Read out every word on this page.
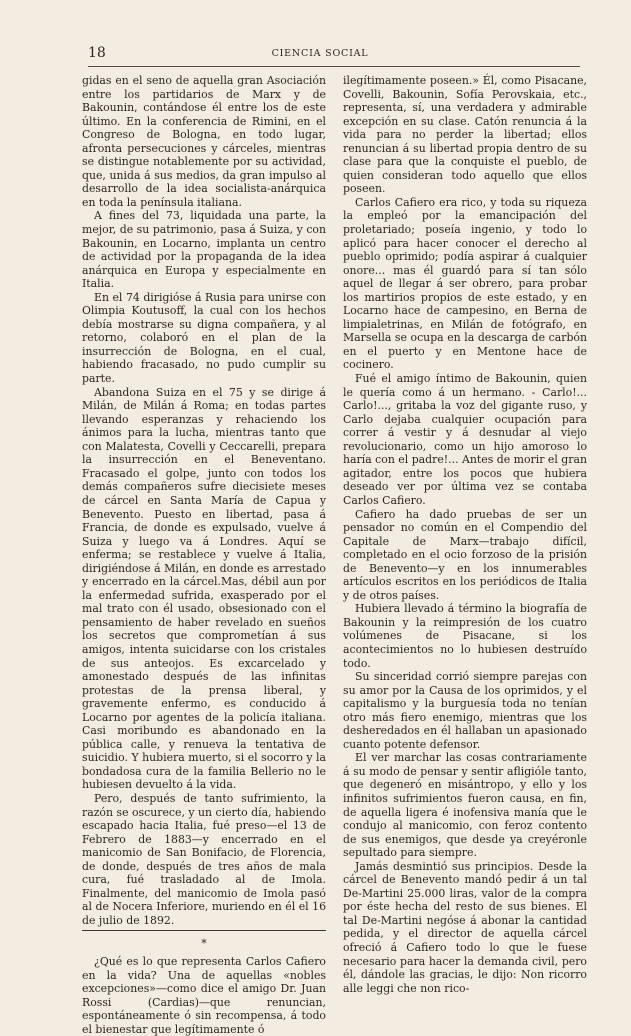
18	CIENCIA SOCIAL

gidas en el seno de aquella gran Asociación entre los partidarios de Marx y de Bakounin, contándose él entre los de este último. En la conferencia de Rimini, en el Congreso de Bologna, en todo lugar, afronta persecuciones y cárceles, mientras se distingue notablemente por su actividad, que, unida á sus medios, da gran impulso al desarrollo de la idea socialista-anárquica en toda la península italiana.

A fines del 73, liquidada una parte, la mejor, de su patrimonio, pasa á Suiza, y con Bakounin, en Locarno, implanta un centro de actividad por la propaganda de la idea anárquica en Europa y especialmente en Italia.

En el 74 dirigióse á Rusia para unirse con Olimpia Koutusoff, la cual con los hechos debía mostrarse su digna compañera, y al retorno, colaboró en el plan de la insurrección de Bologna, en el cual, habiendo fracasado, no pudo cumplir su parte.

Abandona Suiza en el 75 y se dirige á Milán, de Milán á Roma; en todas partes llevando esperanzas y rehaciendo los ánimos para la lucha, mientras tanto que con Malatesta, Covelli y Ceccarelli, prepara la insurrección en el Beneventano. Fracasado el golpe, junto con todos los demás compañeros sufre diecisiete meses de cárcel en Santa María de Capua y Benevento. Puesto en libertad, pasa á Francia, de donde es expulsado, vuelve á Suiza y luego va á Londres. Aquí se enferma; se restablece y vuelve á Italia, dirigiéndose á Milán, en donde es arrestado y encerrado en la cárcel.Mas, débil aun por la enfermedad sufrida, exasperado por el mal trato con él usado, obsesionado con el pensamiento de haber revelado en sueños los secretos que comprometían á sus amigos, intenta suicidarse con los cristales de sus anteojos. Es excarcelado y amonestado después de las infinitas protestas de la prensa liberal, y gravemente enfermo, es conducido á Locarno por agentes de la policía italiana. Casi moribundo es abandonado en la pública calle, y renueva la tentativa de suicidio. Y hubiera muerto, si el socorro y la bondadosa cura de la familia Bellerio no le hubiesen devuelto á la vida.

Pero, después de tanto sufrimiento, la razón se oscurece, y un cierto día, habiendo escapado hacia Italia, fué preso—el 13 de Febrero de 1883—y encerrado en el manicomio de San Bonifacio, de Florencia, de donde, después de tres años de mala cura, fué trasladado al de Imola. Finalmente, del manicomio de Imola pasó al de Nocera Inferiore, muriendo en él el 16 de julio de 1892.

*

¿Qué es lo que representa Carlos Cafiero en la vida? Una de aquellas «nobles excepciones»—como dice el amigo Dr. Juan Rossi (Cardias)—que renuncian, espontáneamente ó sin recompensa, á todo el bienestar que legítimamente ó

ilegítimamente poseen.» Él, como Pisacane, Covelli, Bakounin, Sofía Perovskaia, etc., representa, sí, una verdadera y admirable excepción en su clase. Catón renuncia á la vida para no perder la libertad; ellos renuncian á su libertad propia dentro de su clase para que la conquiste el pueblo, de quien consideran todo aquello que ellos poseen.

Carlos Cafiero era rico, y toda su riqueza la empleó por la emancipación del proletariado; poseía ingenio, y todo lo aplicó para hacer conocer el derecho al pueblo oprimido; podía aspirar á cualquier onore... mas él guardó para sí tan sólo aquel de llegar á ser obrero, para probar los martirios propios de este estado, y en Locarno hace de campesino, en Berna de limpialetrinas, en Milán de fotógrafo, en Marsella se ocupa en la descarga de carbón en el puerto y en Mentone hace de cocinero.

Fué el amigo íntimo de Bakounin, quien le quería como á un hermano. - Carlo!... Carlo!..., gritaba la voz del gigante ruso, y Carlo dejaba cualquier ocupación para correr á vestir y á desnudar al viejo revolucionario, como un hijo amoroso lo haría con el padre!... Antes de morir el gran agitador, entre los pocos que hubiera deseado ver por última vez se contaba Carlos Cafiero.

Cafiero ha dado pruebas de ser un pensador no común en el Compendio del Capitale de Marx—trabajo difícil, completado en el ocio forzoso de la prisión de Benevento—y en los innumerables artículos escritos en los periódicos de Italia y de otros países.

Hubiera llevado á término la biografía de Bakounin y la reimpresión de los cuatro volúmenes de Pisacane, si los acontecimientos no lo hubiesen destruído todo.

Su sinceridad corrió siempre parejas con su amor por la Causa de los oprimidos, y el capitalismo y la burguesía toda no tenían otro más fiero enemigo, mientras que los desheredados en él hallaban un apasionado cuanto potente defensor.

El ver marchar las cosas contrariamente á su modo de pensar y sentir afligióle tanto, que degeneró en misántropo, y ello y los infinitos sufrimientos fueron causa, en fin, de aquella ligera é inofensiva manía que le condujo al manicomio, con feroz contento de sus enemigos, que desde ya creyéronle sepultado para siempre.

Jamás desmintió sus principios. Desde la cárcel de Benevento mandó pedir á un tal De-Martini 25.000 liras, valor de la compra por éste hecha del resto de sus bienes. El tal De-Martini negóse á abonar la cantidad pedida, y el director de aquella cárcel ofreció á Cafiero todo lo que le fuese necesario para hacer la demanda civil, pero él, dándole las gracias, le dijo: Non ricorro alle leggi che non rico-
